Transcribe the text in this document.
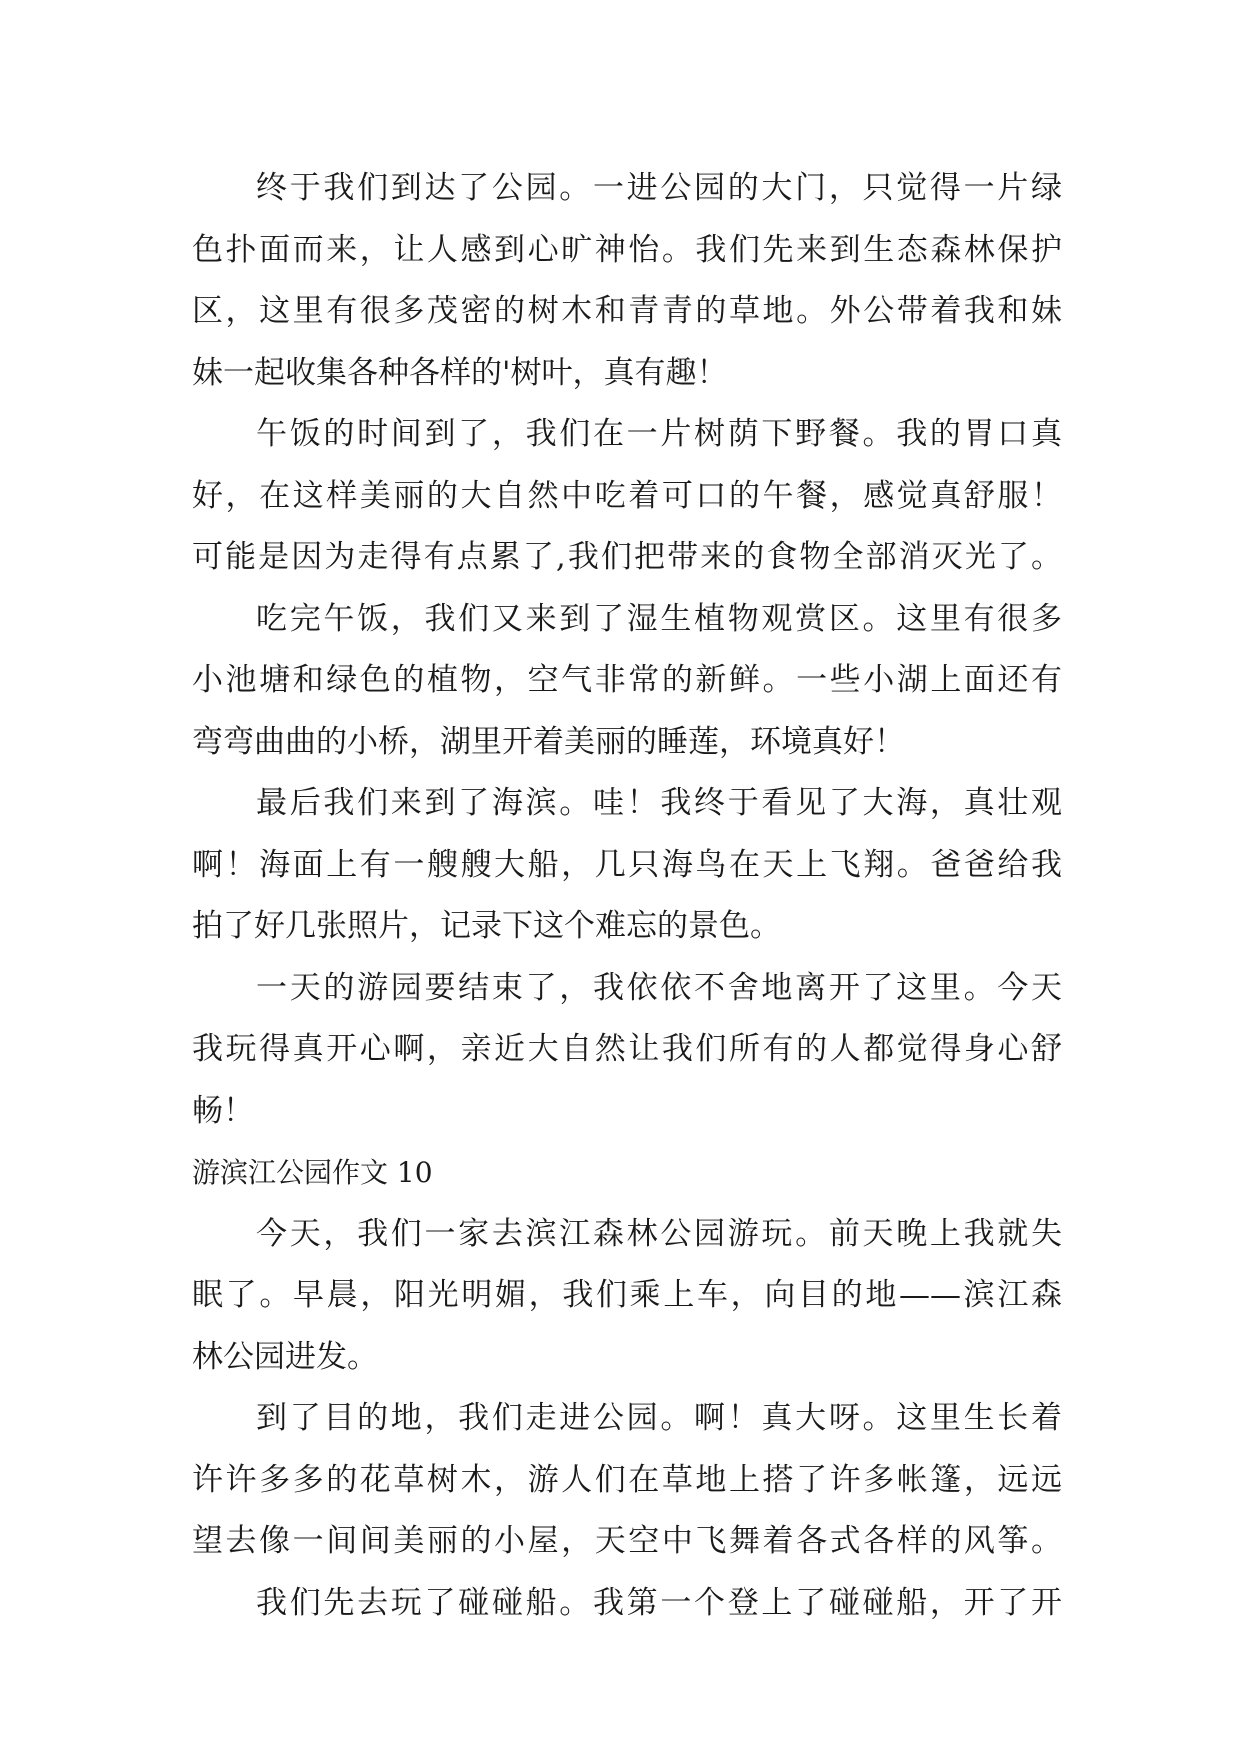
终于我们到达了公园。一进公园的大门，只觉得一片绿
色扑面而来，让人感到心旷神怡。我们先来到生态森林保护
区，这里有很多茂密的树木和青青的草地。外公带着我和妹
妹一起收集各种各样的'树叶，真有趣！
午饭的时间到了，我们在一片树荫下野餐。我的胃口真
好，在这样美丽的大自然中吃着可口的午餐，感觉真舒服！
可能是因为走得有点累了,我们把带来的食物全部消灭光了。
吃完午饭，我们又来到了湿生植物观赏区。这里有很多
小池塘和绿色的植物，空气非常的新鲜。一些小湖上面还有
弯弯曲曲的小桥，湖里开着美丽的睡莲，环境真好！
最后我们来到了海滨。哇！我终于看见了大海，真壮观
啊！海面上有一艘艘大船，几只海鸟在天上飞翔。爸爸给我
拍了好几张照片，记录下这个难忘的景色。
一天的游园要结束了，我依依不舍地离开了这里。今天
我玩得真开心啊，亲近大自然让我们所有的人都觉得身心舒
畅！
游滨江公园作文 10
今天，我们一家去滨江森林公园游玩。前天晚上我就失
眠了。早晨，阳光明媚，我们乘上车，向目的地——滨江森
林公园进发。
到了目的地，我们走进公园。啊！真大呀。这里生长着
许许多多的花草树木，游人们在草地上搭了许多帐篷，远远
望去像一间间美丽的小屋，天空中飞舞着各式各样的风筝。
我们先去玩了碰碰船。我第一个登上了碰碰船，开了开
